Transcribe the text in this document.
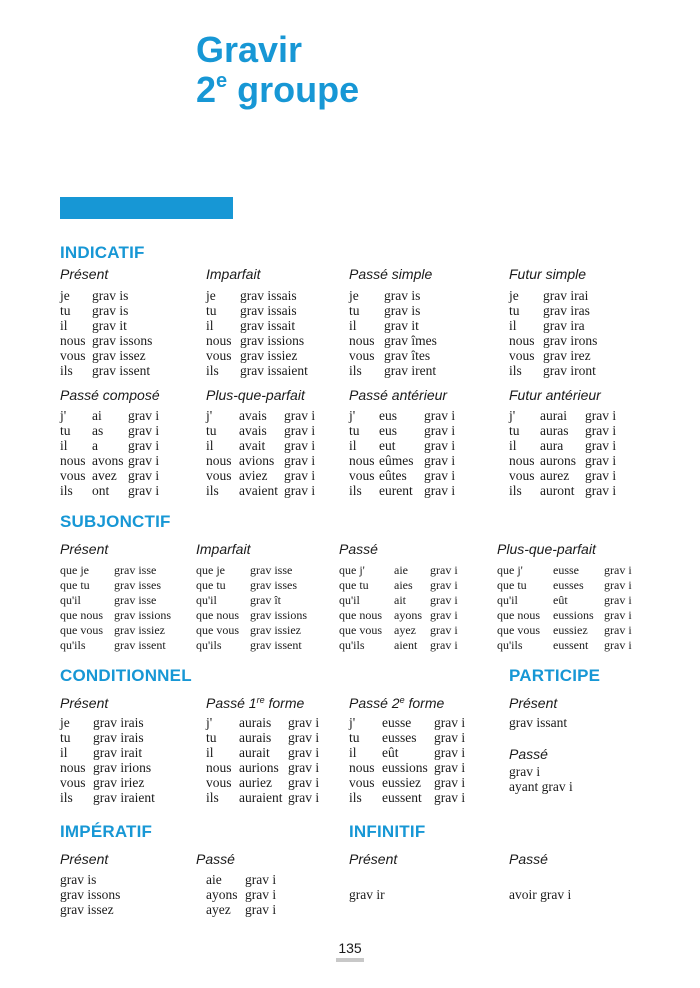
Gravir
2e groupe
INDICATIF
SUBJONCTIF
CONDITIONNEL	PARTICIPE
IMPÉRATIF	INFINITIF
Présent
je grav is
tu grav is
il grav it
nous grav issons
vous grav issez
ils grav issent
Imparfait
je grav issais
tu grav issais
il grav issait
nous grav issions
vous grav issiez
ils grav issaient
Passé simple
je grav is
tu grav is
il grav it
nous grav îmes
vous grav îtes
ils grav irent
Futur simple
je grav irai
tu grav iras
il grav ira
nous grav irons
vous grav irez
ils grav iront
Passé composé
j' ai grav i
tu as grav i
il a grav i
nous avons grav i
vous avez grav i
ils ont grav i
Plus-que-parfait
j' avais grav i
tu avais grav i
il avait grav i
nous avions grav i
vous aviez grav i
ils avaient grav i
Passé antérieur
j' eus grav i
tu eus grav i
il eut grav i
nous eûmes grav i
vous eûtes grav i
ils eurent grav i
Futur antérieur
j' aurai grav i
tu auras grav i
il aura grav i
nous aurons grav i
vous aurez grav i
ils auront grav i
Présent
que je grav isse
que tu grav isses
qu'il	grav isse
que nous grav issions
que vous grav issiez
qu'ils grav issent
Imparfait
que je grav isse
que tu grav isses
qu'il	grav ît
que nous grav issions
que vous grav issiez
qu'ils grav issent
Passé
que j' aie grav i
que tu aies grav i
qu'il	ait grav i
que nous ayons grav i
que vous ayez grav i
qu'ils aient grav i
Plus-que-parfait
que j'	eusse grav i
que tu eusses grav i
qu'il	eût	grav i
que nous eussions grav i
que vous eussiez grav i
qu'ils	eussent grav i
Présent
je grav irais
tu grav irais
il grav irait
nous grav irions
vous grav iriez
ils grav iraient
Passé 1re forme
j' aurais grav i
tu aurais grav i
il aurait grav i
nous aurions grav i
vous auriez grav i
ils auraient grav i
Passé 2e forme
j' eusse grav i
tu eusses grav i
il eût	grav i
nous eussions grav i
vous eussiez grav i
ils eussent grav i
Présent
grav issant
Passé
grav i
ayant grav i
Présent
grav is
grav issons
grav issez
Passé
aie grav i
ayons grav i
ayez grav i
Présent
grav ir
Passé
avoir grav i
135
